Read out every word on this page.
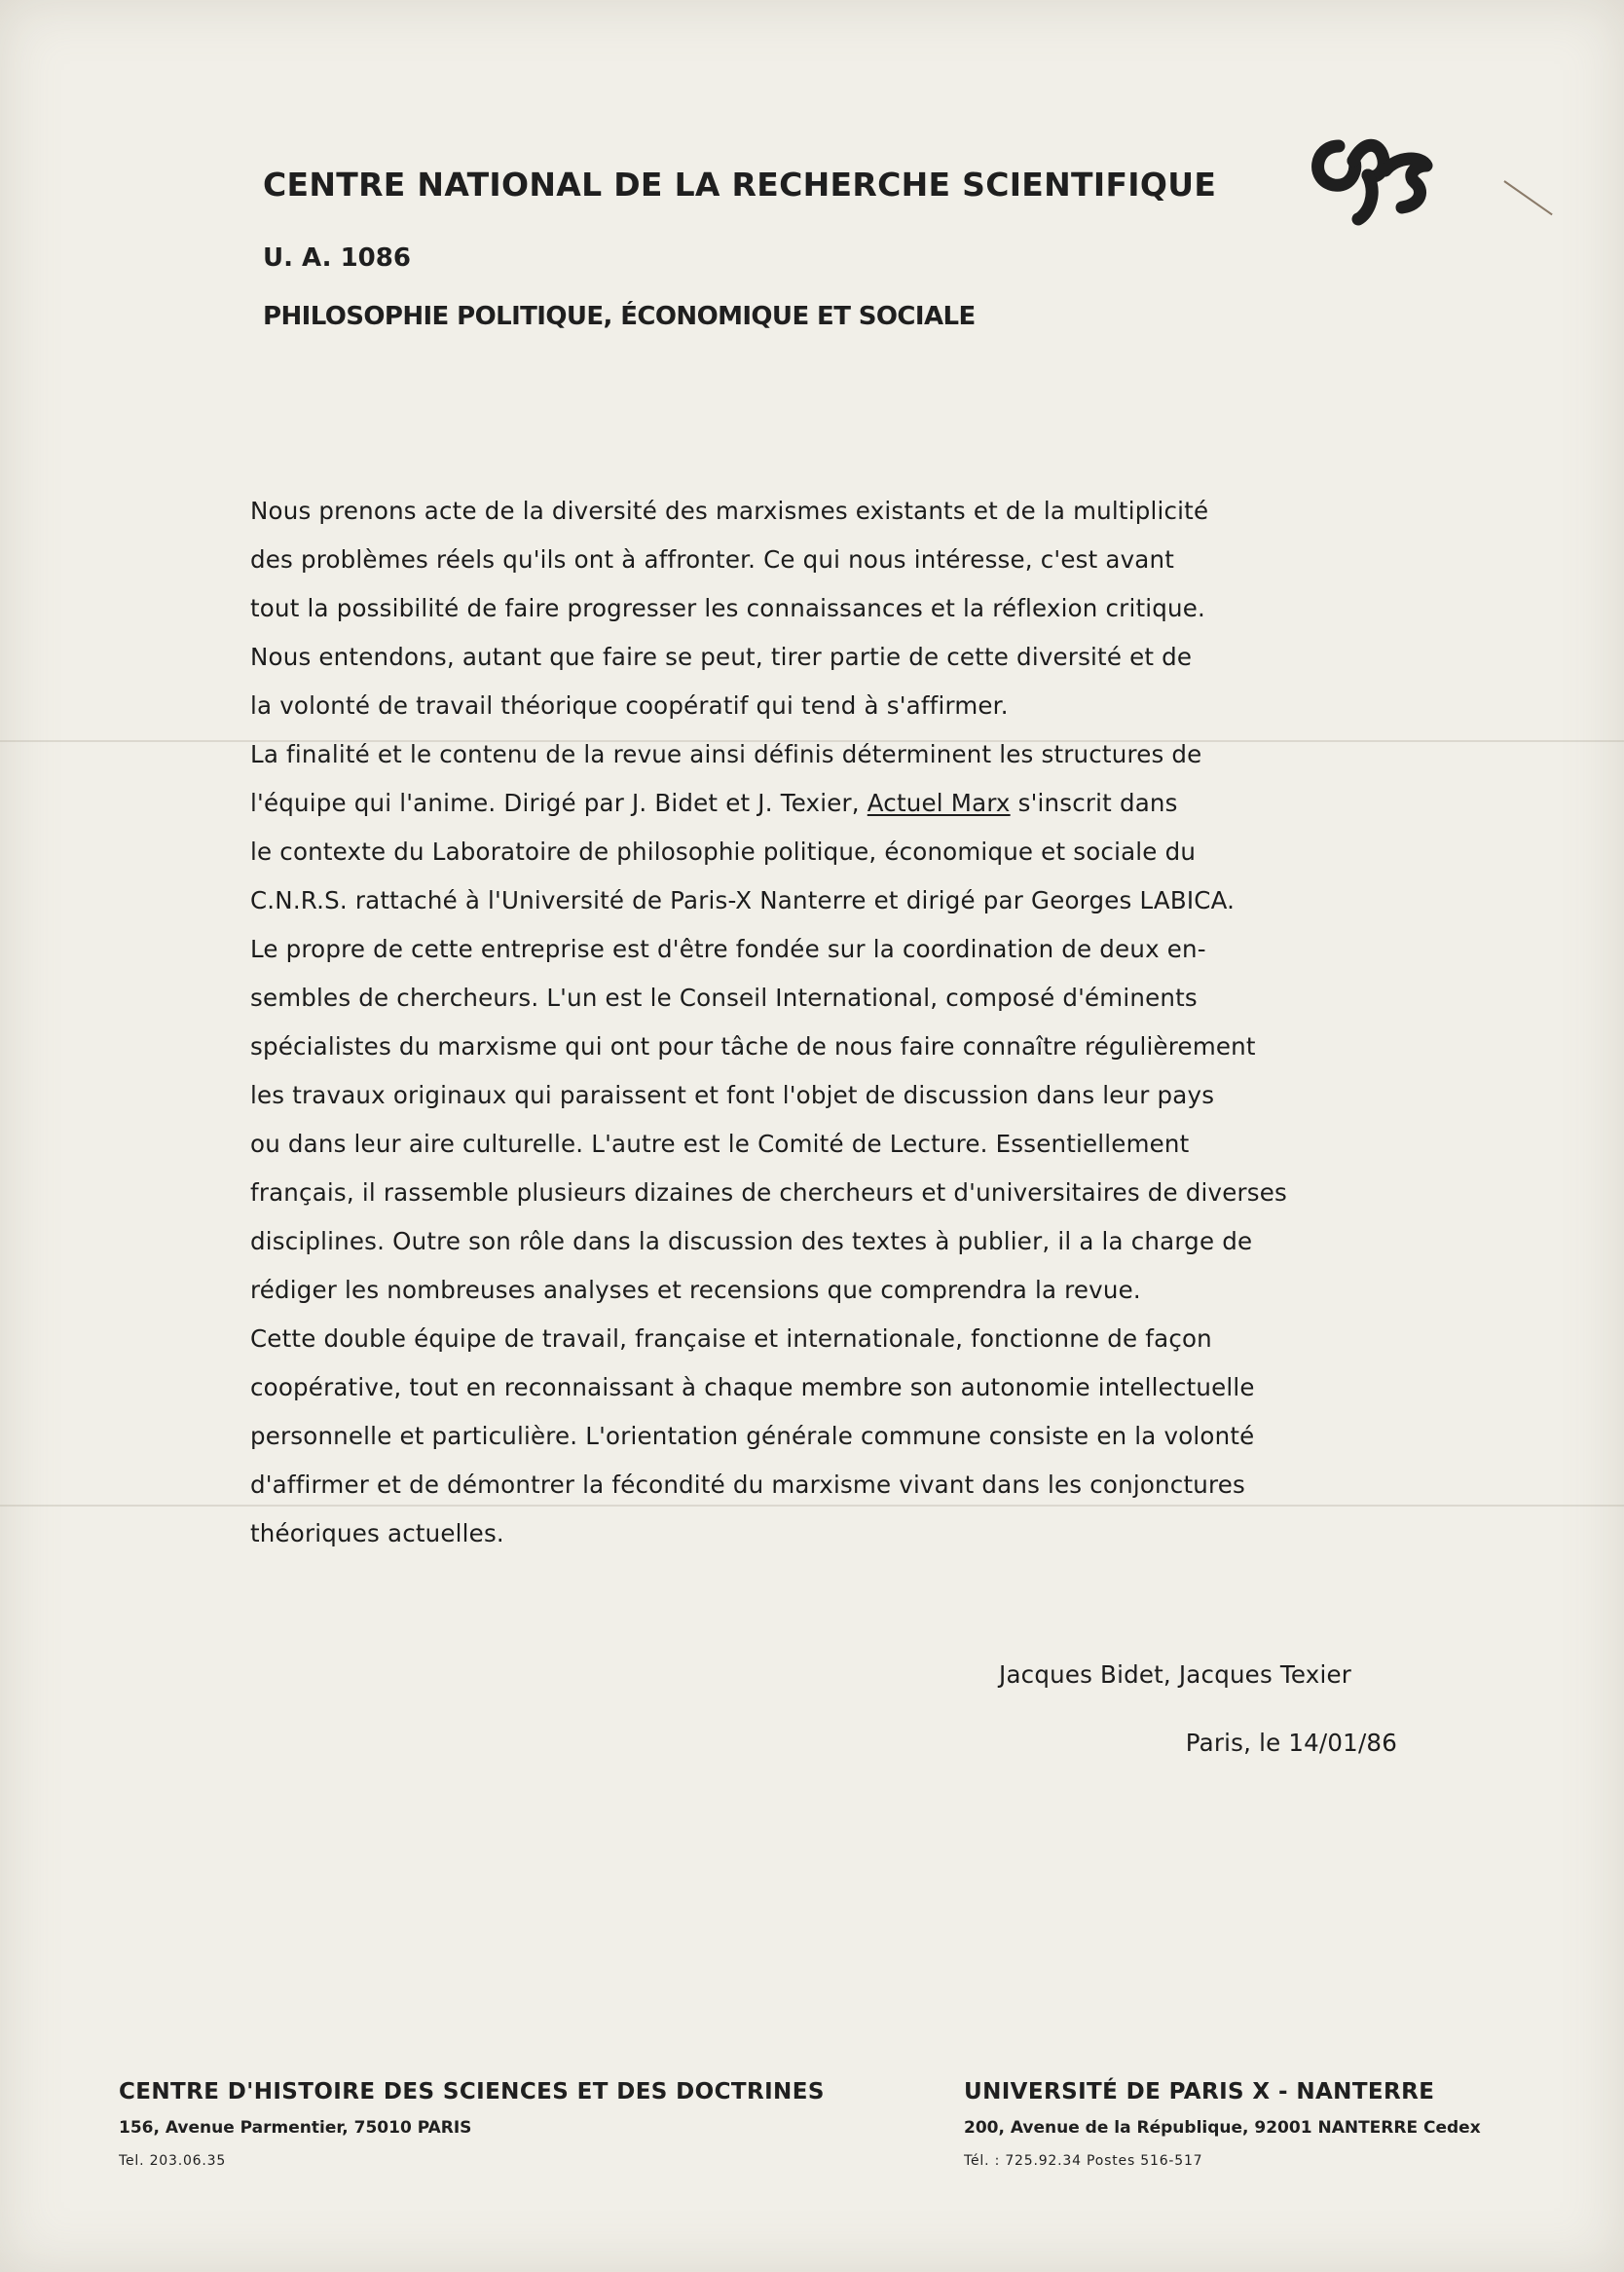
CENTRE NATIONAL DE LA RECHERCHE SCIENTIFIQUE
U. A. 1086
PHILOSOPHIE POLITIQUE, ÉCONOMIQUE ET SOCIALE
Nous prenons acte de la diversité des marxismes existants et de la multiplicité
des problèmes réels qu'ils ont à affronter. Ce qui nous intéresse, c'est avant
tout la possibilité de faire progresser les connaissances et la réflexion critique.
Nous entendons, autant que faire se peut, tirer partie de cette diversité et de
la volonté de travail théorique coopératif qui tend à s'affirmer.
La finalité et le contenu de la revue ainsi définis déterminent les structures de
l'équipe qui l'anime. Dirigé par J. Bidet et J. Texier, Actuel Marx s'inscrit dans
le contexte du Laboratoire de philosophie politique, économique et sociale du
C.N.R.S. rattaché à l'Université de Paris-X Nanterre et dirigé par Georges LABICA.
Le propre de cette entreprise est d'être fondée sur la coordination de deux en-
sembles de chercheurs. L'un est le Conseil International, composé d'éminents
spécialistes du marxisme qui ont pour tâche de nous faire connaître régulièrement
les travaux originaux qui paraissent et font l'objet de discussion dans leur pays
ou dans leur aire culturelle. L'autre est le Comité de Lecture. Essentiellement
français, il rassemble plusieurs dizaines de chercheurs et d'universitaires de diverses
disciplines. Outre son rôle dans la discussion des textes à publier, il a la charge de
rédiger les nombreuses analyses et recensions que comprendra la revue.
Cette double équipe de travail, française et internationale, fonctionne de façon
coopérative, tout en reconnaissant à chaque membre son autonomie intellectuelle
personnelle et particulière. L'orientation générale commune consiste en la volonté
d'affirmer et de démontrer la fécondité du marxisme vivant dans les conjonctures
théoriques actuelles.
Jacques Bidet, Jacques Texier
Paris, le 14/01/86
CENTRE D'HISTOIRE DES SCIENCES ET DES DOCTRINES
156, Avenue Parmentier, 75010 PARIS
Tel. 203.06.35
UNIVERSITÉ DE PARIS X - NANTERRE
200, Avenue de la République, 92001 NANTERRE Cedex
Tél. : 725.92.34 Postes 516-517
